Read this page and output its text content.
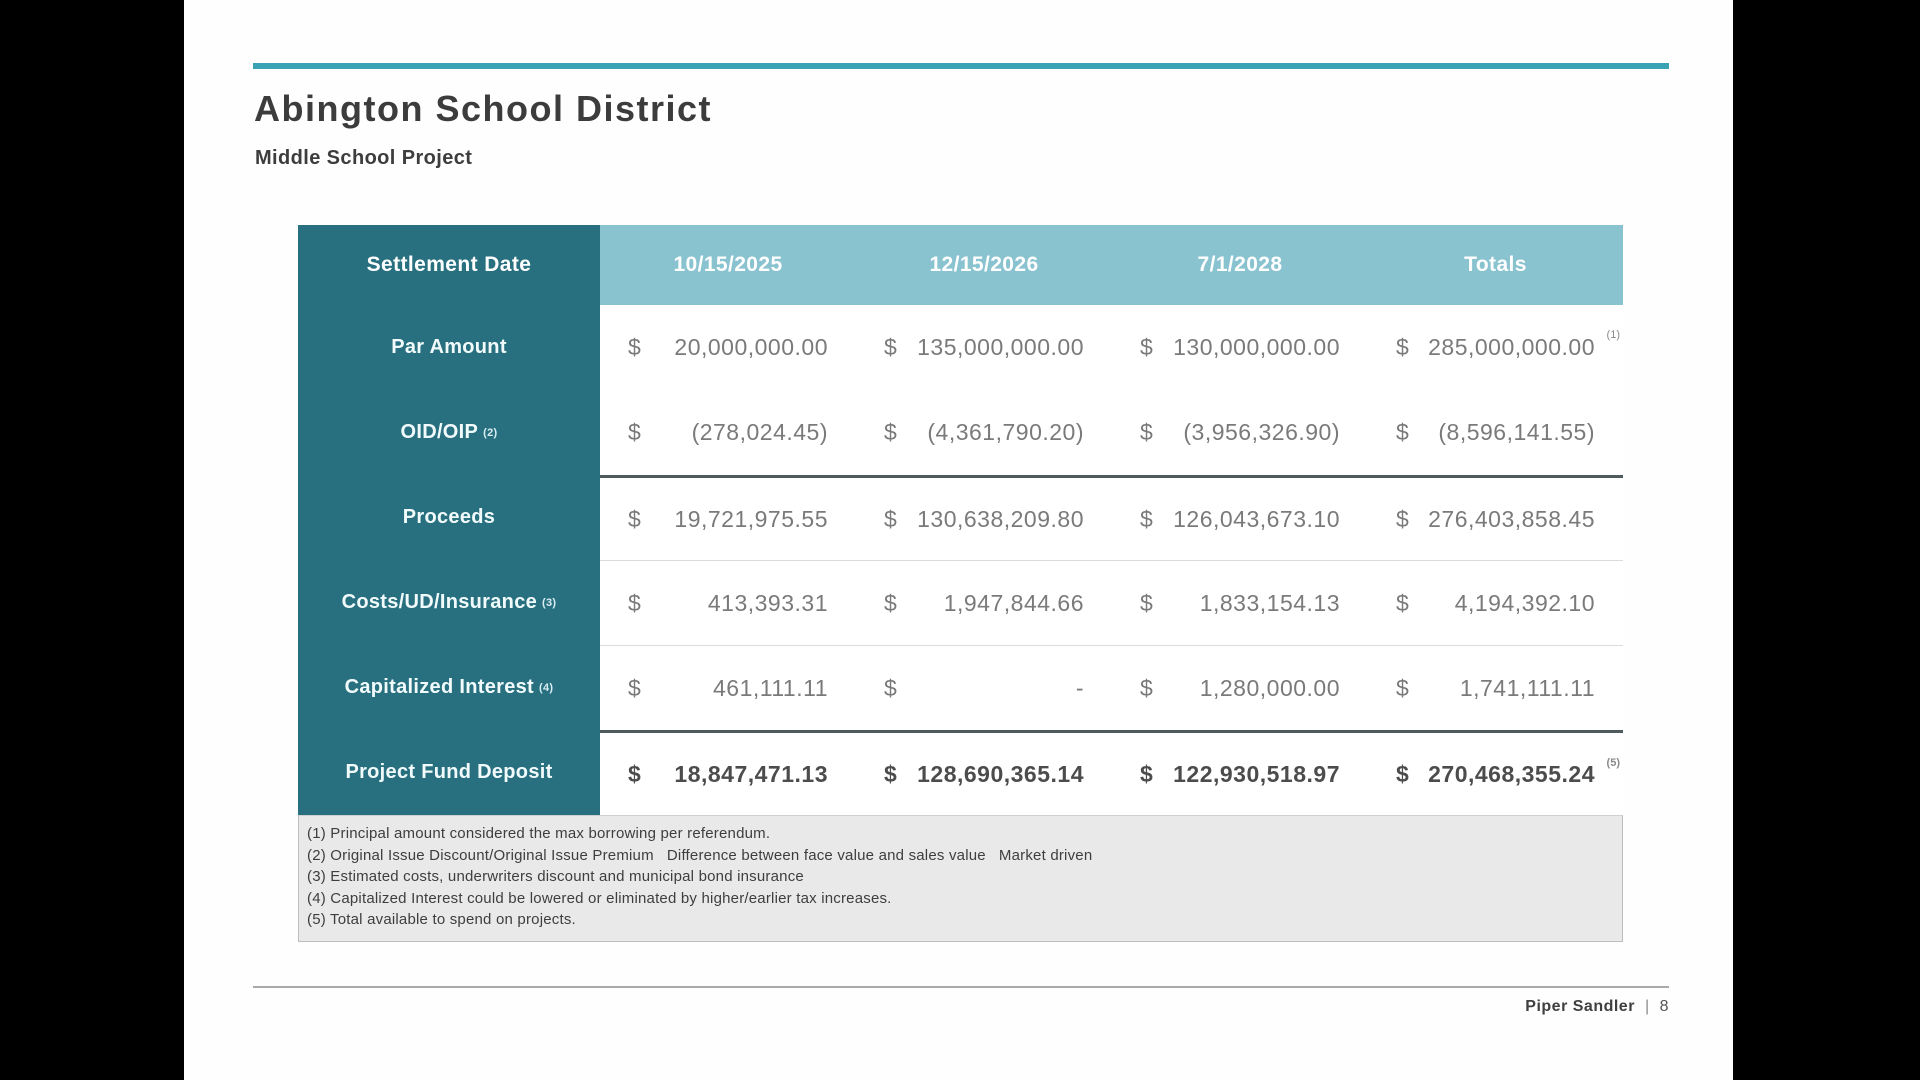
Abington School District
Middle School Project
Settlement Date	10/15/2025	12/15/2026	7/1/2028	Totals
Par Amount	$ 20,000,000.00 $ 135,000,000.00 $ 130,000,000.00 $ 285,000,000.00 (1)
OID/OIP (2)	$ (278,024.45) $ (4,361,790.20) $ (3,956,326.90) $ (8,596,141.55)
Proceeds	$ 19,721,975.55 $ 130,638,209.80 $ 126,043,673.10 $ 276,403,858.45
Costs/UD/Insurance (3)	$	413,393.31 $ 1,947,844.66 $ 1,833,154.13 $ 4,194,392.10
Capitalized Interest (4)	$	461,111.11 $	- $ 1,280,000.00 $ 1,741,111.11
Project Fund Deposit	$ 18,847,471.13 $ 128,690,365.14 $ 122,930,518.97 $ 270,468,355.24 (5)
(1) Principal amount considered the max borrowing per referendum.
(2) Original Issue Discount/Original Issue Premium   Difference between face value and sales value   Market driven
(3) Estimated costs, underwriters discount and municipal bond insurance
(4) Capitalized Interest could be lowered or eliminated by higher/earlier tax increases.
(5) Total available to spend on projects.
Piper Sandler | 8
